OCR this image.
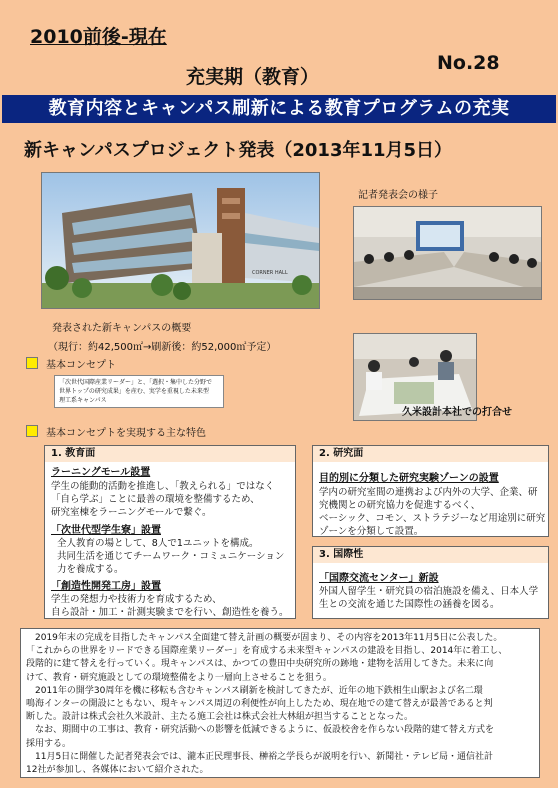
2010前後-現在
充実期（教育）
No.28
教育内容とキャンパス刷新による教育プログラムの充実
新キャンパスプロジェクト発表（2013年11月5日）
CORNER HALL
記者発表会の様子
発表された新キャンパスの概要
（現行：約42,500㎡→刷新後：約52,000㎡予定）
久米設計本社での打合せ
基本コンセプト
「次世代国際産業リーダー」と、「選択・集中した分野で
世界トップの研究成果」を産む、実学を重視した未来型
理工系キャンパス
基本コンセプトを実現する主な特色
1. 教育面
ラーニングモール設置
学生の能動的活動を推進し、「教えられる」ではなく
「自ら学ぶ」ことに最善の環境を整備するため、
研究室棟をラーニングモールで繋ぐ。
「次世代型学生寮」設置
全人教育の場として、8人で1ユニットを構成。
共同生活を通じてチームワーク・コミュニケーション
力を養成する。
「創造性開発工房」設置
学生の発想力や技術力を育成するため、
自ら設計・加工・計測実験までを行い、創造性を養う。
2. 研究面
目的別に分類した研究実験ゾーンの設置
学内の研究室間の連携および内外の大学、企業、研
究機関との研究協力を促進するべく、
ベーシック、コモン、ストラテジーなど用途別に研究
ゾーンを分類して設置。
3. 国際性
「国際交流センター」新設
外国人留学生・研究員の宿泊施設を備え、日本人学
生との交流を通じた国際性の涵養を図る。
　2019年末の完成を目指したキャンパス全面建て替え計画の概要が固まり、その内容を2013年11月5日に公表した。
「これからの世界をリードできる国際産業リーダー」を育成する未来型キャンパスの建設を目指し、2014年に着工し、
段階的に建て替えを行っていく。現キャンパスは、かつての豊田中央研究所の跡地・建物を活用してきた。未来に向
けて、教育・研究施設としての環境整備をより一層向上させることを狙う。
　2011年の開学30周年を機に移転も含むキャンパス刷新を検討してきたが、近年の地下鉄相生山駅および名二環
鳴海インターの開設にともない、現キャンパス周辺の利便性が向上したため、現在地での建て替えが最善であると判
断した。設計は株式会社久米設計、主たる施工会社は株式会社大林組が担当することとなった。
　なお、期間中の工事は、教育・研究活動への影響を低減できるように、仮設校舎を作らない段階的建て替え方式を
採用する。
　11月5日に開催した記者発表会では、瀧本正民理事長、榊裕之学長らが説明を行い、新聞社・テレビ局・通信社計
12社が参加し、各媒体において紹介された。
